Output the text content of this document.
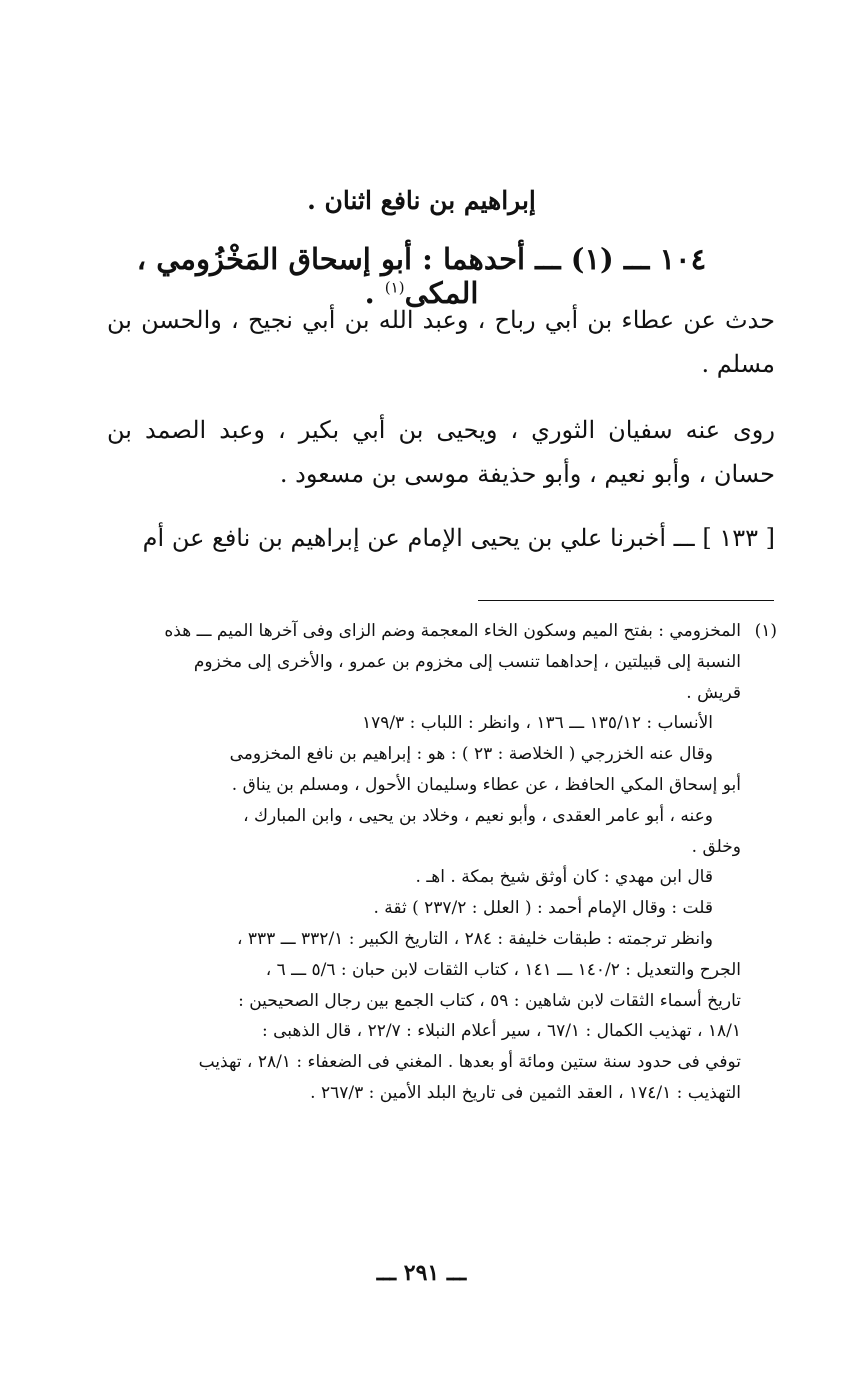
إبراهيم بن نافع اثنان .
١٠٤ ـــ (١) ـــ أحدهما : أبو إسحاق المَخْزُومي ، المكى$^{(١)}$ .
حدث عن عطاء بن أبي رباح ، وعبد الله بن أبي نجيح ، والحسن بن مسلم .
روى عنه سفيان الثوري ، ويحيى بن أبي بكير ، وعبد الصمد بن حسان ، وأبو نعيم ، وأبو حذيفة موسى بن مسعود .
[ ١٣٣ ] ـــ أخبرنا علي بن يحيى الإمام عن إبراهيم بن نافع عن أم
(١)
المخزومي : بفتح الميم وسكون الخاء المعجمة وضم الزاى وفى آخرها الميم ـــ هذه
النسبة إلى قبيلتين ، إحداهما تنسب إلى مخزوم بن عمرو ، والأخرى إلى مخزوم
قريش .
الأنساب : ١٣٥/١٢ ـــ ١٣٦ ، وانظر : اللباب : ١٧٩/٣
وقال عنه الخزرجي ( الخلاصة : ٢٣ ) : هو : إبراهيم بن نافع المخزومى
أبو إسحاق المكي الحافظ ، عن عطاء وسليمان الأحول ، ومسلم بن يناق .
وعنه ، أبو عامر العقدى ، وأبو نعيم ، وخلاد بن يحيى ، وابن المبارك ،
وخلق .
قال ابن مهدي : كان أوثق شيخ بمكة . اهـ .
قلت : وقال الإمام أحمد : ( العلل : ٢٣٧/٢ ) ثقة .
وانظر ترجمته : طبقات خليفة : ٢٨٤ ، التاريخ الكبير : ٣٣٢/١ ـــ ٣٣٣ ،
الجرح والتعديل : ١٤٠/٢ ـــ ١٤١ ، كتاب الثقات لابن حبان : ٥/٦ ـــ ٦ ،
تاريخ أسماء الثقات لابن شاهين : ٥٩ ، كتاب الجمع بين رجال الصحيحين :
١٨/١ ، تهذيب الكمال : ٦٧/١ ، سير أعلام النبلاء : ٢٢/٧ ، قال الذهبى :
توفي فى حدود سنة ستين ومائة أو بعدها . المغني فى الضعفاء : ٢٨/١ ، تهذيب
التهذيب : ١٧٤/١ ، العقد الثمين فى تاريخ البلد الأمين : ٢٦٧/٣ .
ـــ ٢٩١ ـــ
